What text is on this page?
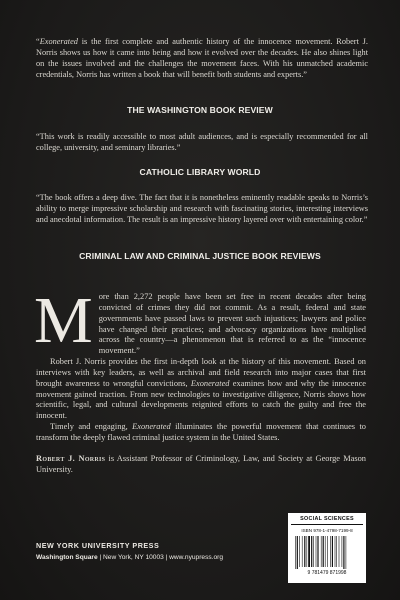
“Exonerated is the first complete and authentic history of the innocence movement. Robert J. Norris shows us how it came into being and how it evolved over the decades. He also shines light on the issues involved and the challenges the movement faces. With his unmatched academic credentials, Norris has written a book that will benefit both students and experts.”
THE WASHINGTON BOOK REVIEW
“This work is readily accessible to most adult audiences, and is especially recommended for all college, university, and seminary libraries.”
CATHOLIC LIBRARY WORLD
“The book offers a deep dive. The fact that it is nonetheless eminently readable speaks to Norris’s ability to merge impressive scholarship and research with fascinating stories, interesting interviews and anecdotal information. The result is an impressive history layered over with entertaining color.”
CRIMINAL LAW AND CRIMINAL JUSTICE BOOK REVIEWS
M ore than 2,272 people have been set free in recent decades after being convicted of crimes they did not commit. As a result, federal and state governments have passed laws to prevent such injustices; lawyers and police have changed their practices; and advocacy organizations have multiplied across the country—a phenomenon that is referred to as the “innocence movement.”

Robert J. Norris provides the first in-depth look at the history of this movement. Based on interviews with key leaders, as well as archival and field research into major cases that first brought awareness to wrongful convictions, Exonerated examines how and why the innocence movement gained traction. From new technologies to investigative diligence, Norris shows how scientific, legal, and cultural developments reignited efforts to catch the guilty and free the innocent.

Timely and engaging, Exonerated illuminates the powerful movement that continues to transform the deeply flawed criminal justice system in the United States.

Robert J. Norris is Assistant Professor of Criminology, Law, and Society at George Mason University.

NEW YORK UNIVERSITY PRESS
Washington Square | New York, NY 10003 | www.nyupress.org
SOCIAL SCIENCES
ISBN 978-1-4798-7199-8
9 781479 871998
